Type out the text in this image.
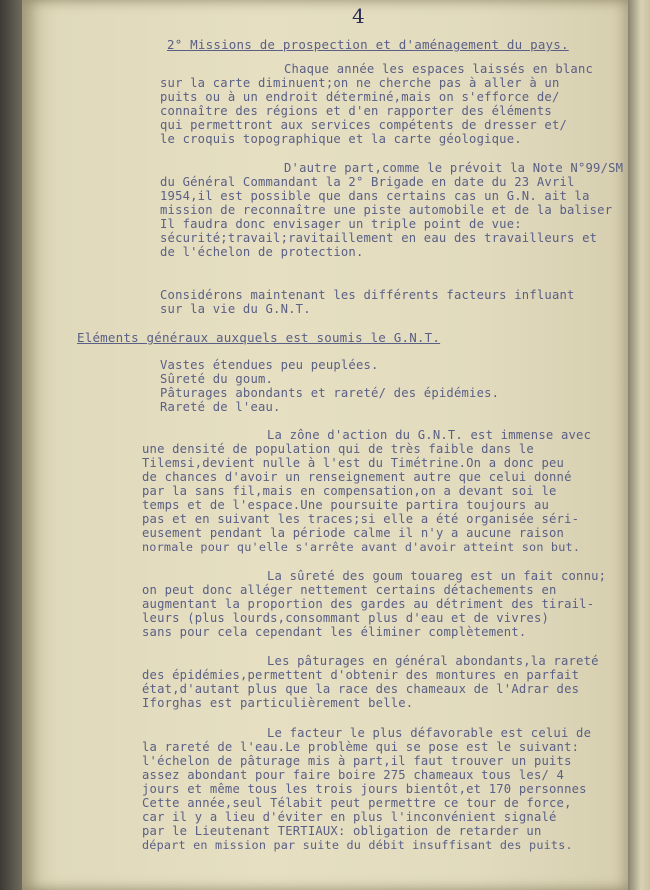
4
2° Missions de prospection et d'aménagement du pays.
Chaque année les espaces laissés en blanc
sur la carte diminuent;on ne cherche pas à aller à un
puits ou à un endroit déterminé,mais on s'efforce de/
connaître des régions et d'en rapporter des éléments
qui permettront aux services compétents de dresser et/
le croquis topographique et la carte géologique.
D'autre part,comme le prévoit la Note N°99/SM
du Général Commandant la 2° Brigade en date du 23 Avril
1954,il est possible que dans certains cas un G.N. ait la
mission de reconnaître une piste automobile et de la baliser
Il faudra donc envisager un triple point de vue:
sécurité;travail;ravitaillement en eau des travailleurs et
de l'échelon de protection.
Considérons maintenant les différents facteurs influant
sur la vie du G.N.T.
Eléments généraux auxquels est soumis le G.N.T.
Vastes étendues peu peuplées.
Sûreté du goum.
Pâturages abondants et rareté/ des épidémies.
Rareté de l'eau.
La zône d'action du G.N.T. est immense avec
une densité de population qui de très faible dans le
Tilemsi,devient nulle à l'est du Timétrine.On a donc peu
de chances d'avoir un renseignement autre que celui donné
par la sans fil,mais en compensation,on a devant soi le
temps et de l'espace.Une poursuite partira toujours au
pas et en suivant les traces;si elle a été organisée séri-
eusement pendant la période calme il n'y a aucune raison
normale pour qu'elle s'arrête avant d'avoir atteint son but.
La sûreté des goum touareg est un fait connu;
on peut donc alléger nettement certains détachements en
augmentant la proportion des gardes au détriment des tirail-
leurs (plus lourds,consommant plus d'eau et de vivres)
sans pour cela cependant les éliminer complètement.
Les pâturages en général abondants,la rareté
des épidémies,permettent d'obtenir des montures en parfait
état,d'autant plus que la race des chameaux de l'Adrar des
Iforghas est particulièrement belle.
Le facteur le plus défavorable est celui de
la rareté de l'eau.Le problème qui se pose est le suivant:
l'échelon de pâturage mis à part,il faut trouver un puits
assez abondant pour faire boire 275 chameaux tous les/ 4
jours et même tous les trois jours bientôt,et 170 personnes
Cette année,seul Télabit peut permettre ce tour de force,
car il y a lieu d'éviter en plus l'inconvénient signalé
par le Lieutenant TERTIAUX: obligation de retarder un
départ en mission par suite du débit insuffisant des puits.
